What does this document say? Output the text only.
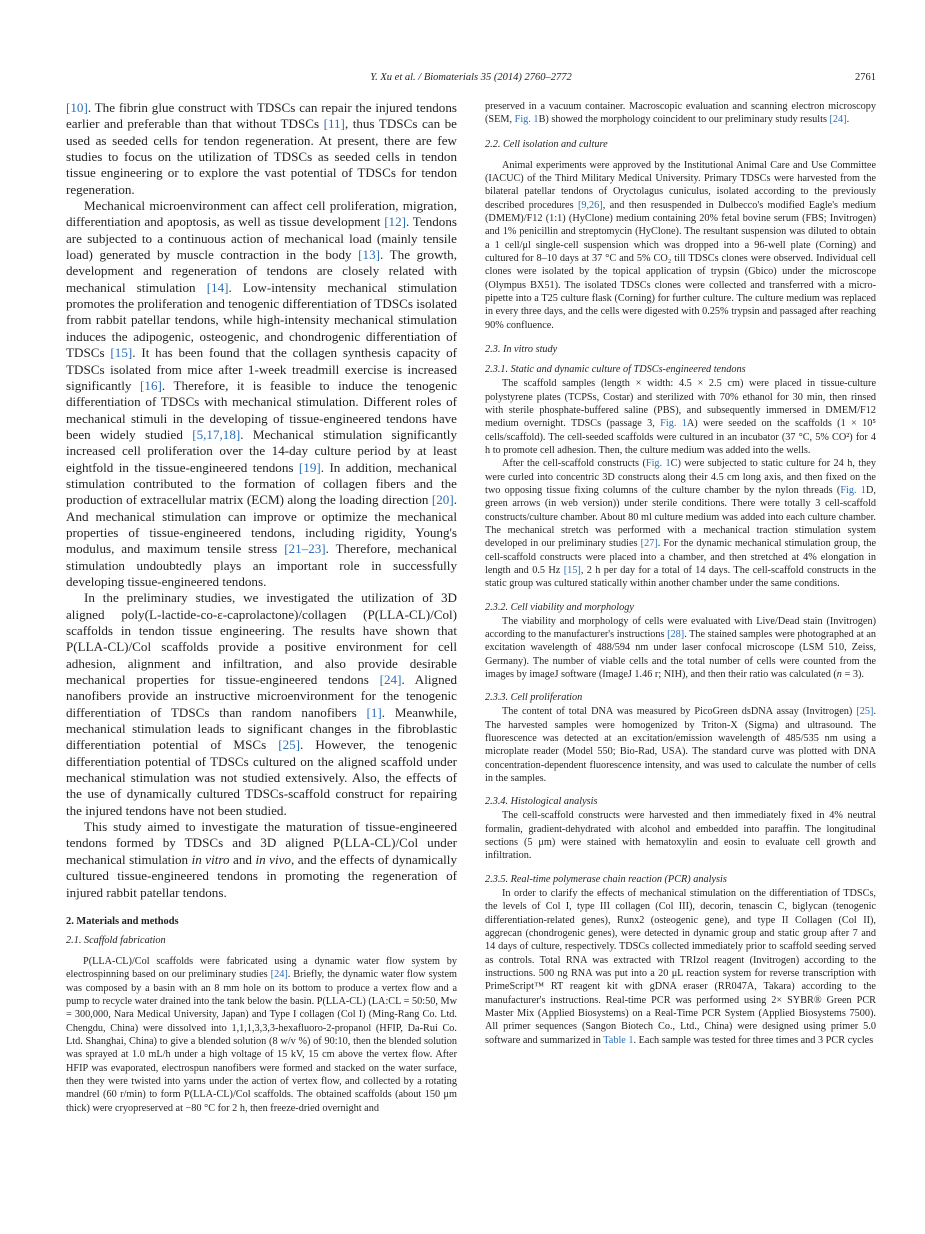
Y. Xu et al. / Biomaterials 35 (2014) 2760–2772	2761

[10]. The fibrin glue construct with TDSCs can repair the injured tendons earlier and preferable than that without TDSCs [11], thus TDSCs can be used as seeded cells for tendon regeneration. At present, there are few studies to focus on the utilization of TDSCs as seeded cells in tendon tissue engineering or to explore the vast potential of TDSCs for tendon regeneration.

Mechanical microenvironment can affect cell proliferation, migration, differentiation and apoptosis, as well as tissue development [12]. Tendons are subjected to a continuous action of mechanical load (mainly tensile load) generated by muscle contraction in the body [13]. The growth, development and regeneration of tendons are closely related with mechanical stimulation [14]. Low-intensity mechanical stimulation promotes the proliferation and tenogenic differentiation of TDSCs isolated from rabbit patellar tendons, while high-intensity mechanical stimulation induces the adipogenic, osteogenic, and chondrogenic differentiation of TDSCs [15]. It has been found that the collagen synthesis capacity of TDSCs isolated from mice after 1-week treadmill exercise is increased significantly [16]. Therefore, it is feasible to induce the tenogenic differentiation of TDSCs with mechanical stimulation. Different roles of mechanical stimuli in the developing of tissue-engineered tendons have been widely studied [5,17,18]. Mechanical stimulation significantly increased cell proliferation over the 14-day culture period by at least eightfold in the tissue-engineered tendons [19]. In addition, mechanical stimulation contributed to the formation of collagen fibers and the production of extracellular matrix (ECM) along the loading direction [20]. And mechanical stimulation can improve or optimize the mechanical properties of tissue-engineered tendons, including rigidity, Young's modulus, and maximum tensile stress [21–23]. Therefore, mechanical stimulation undoubtedly plays an important role in successfully developing tissue-engineered tendons.

In the preliminary studies, we investigated the utilization of 3D aligned poly(L-lactide-co-ε-caprolactone)/collagen (P(LLA-CL)/Col) scaffolds in tendon tissue engineering. The results have shown that P(LLA-CL)/Col scaffolds provide a positive environment for cell adhesion, alignment and infiltration, and also provide desirable mechanical properties for tissue-engineered tendons [24]. Aligned nanofibers provide an instructive microenvironment for the tenogenic differentiation of TDSCs than random nanofibers [1]. Meanwhile, mechanical stimulation leads to significant changes in the fibroblastic differentiation potential of MSCs [25]. However, the tenogenic differentiation potential of TDSCs cultured on the aligned scaffold under mechanical stimulation was not studied extensively. Also, the effects of the use of dynamically cultured TDSCs-scaffold construct for repairing the injured tendons have not been studied.

This study aimed to investigate the maturation of tissue-engineered tendons formed by TDSCs and 3D aligned P(LLA-CL)/Col under mechanical stimulation in vitro and in vivo, and the effects of dynamically cultured tissue-engineered tendons in promoting the regeneration of injured rabbit patellar tendons.

2. Materials and methods
2.1. Scaffold fabrication

P(LLA-CL)/Col scaffolds were fabricated using a dynamic water flow system by electrospinning based on our preliminary studies [24]. Briefly, the dynamic water flow system was composed by a basin with an 8 mm hole on its bottom to produce a vertex flow and a pump to recycle water drained into the tank below the basin. P(LLA-CL) (LA:CL = 50:50, Mw = 300,000, Nara Medical University, Japan) and Type I collagen (Col I) (Ming-Rang Co. Ltd. Chengdu, China) were dissolved into 1,1,1,3,3,3-hexafluoro-2-propanol (HFIP, Da-Rui Co. Ltd. Shanghai, China) to give a blended solution (8 w/v %) of 90:10, then the blended solution was sprayed at 1.0 mL/h under a high voltage of 15 kV, 15 cm above the vertex flow. After HFIP was evaporated, electrospun nanofibers were formed and stacked on the water surface, then they were twisted into yarns under the action of vertex flow, and collected by a rotating mandrel (60 r/min) to form P(LLA-CL)/Col scaffolds. The obtained scaffolds (about 150 μm thick) were cryopreserved at −80 °C for 2 h, then freeze-dried overnight and

preserved in a vacuum container. Macroscopic evaluation and scanning electron microscopy (SEM, Fig. 1B) showed the morphology coincident to our preliminary study results [24].

2.2. Cell isolation and culture

Animal experiments were approved by the Institutional Animal Care and Use Committee (IACUC) of the Third Military Medical University. Primary TDSCs were harvested from the bilateral patellar tendons of Oryctolagus cuniculus, isolated according to the previously described procedures [9,26], and then resuspended in Dulbecco's modified Eagle's medium (DMEM)/F12 (1:1) (HyClone) medium containing 20% fetal bovine serum (FBS; Invitrogen) and 1% penicillin and streptomycin (HyClone). The resultant suspension was diluted to obtain a 1 cell/μl single-cell suspension which was dropped into a 96-well plate (Corning) and cultured for 8–10 days at 37 °C and 5% CO₂ till TDSCs clones were observed. Individual cell clones were isolated by the topical application of trypsin (Gbico) under the microscope (Olympus BX51). The isolated TDSCs clones were collected and transferred with a micro-pipette into a T25 culture flask (Corning) for further culture. The culture medium was replaced in every three days, and the cells were digested with 0.25% trypsin and passaged after reaching 90% confluence.

2.3. In vitro study
2.3.1. Static and dynamic culture of TDSCs-engineered tendons

The scaffold samples (length × width: 4.5 × 2.5 cm) were placed in tissue-culture polystyrene plates (TCPSs, Costar) and sterilized with 70% ethanol for 30 min, then rinsed with sterile phosphate-buffered saline (PBS), and subsequently immersed in DMEM/F12 medium overnight. TDSCs (passage 3, Fig. 1A) were seeded on the scaffolds (1 × 10⁵ cells/scaffold). The cell-seeded scaffolds were cultured in an incubator (37 °C, 5% CO²) for 4 h to promote cell adhesion. Then, the culture medium was added into the wells.

After the cell-scaffold constructs (Fig. 1C) were subjected to static culture for 24 h, they were curled into concentric 3D constructs along their 4.5 cm long axis, and then fixed on the two opposing tissue fixing columns of the culture chamber by the nylon threads (Fig. 1D, green arrows (in web version)) under sterile conditions. There were totally 3 cell-scaffold constructs/culture chamber. About 80 ml culture medium was added into each culture chamber. The mechanical stretch was performed with a mechanical traction stimulation system developed in our preliminary studies [27]. For the dynamic mechanical stimulation group, the cell-scaffold constructs were placed into a chamber, and then stretched at 4% elongation in length and 0.5 Hz [15], 2 h per day for a total of 14 days. The cell-scaffold constructs in the static group was cultured statically within another chamber under the same conditions.

2.3.2. Cell viability and morphology

The viability and morphology of cells were evaluated with Live/Dead stain (Invitrogen) according to the manufacturer's instructions [28]. The stained samples were photographed at an excitation wavelength of 488/594 nm under laser confocal microscope (LSM 510, Zeiss, Germany). The number of viable cells and the total number of cells were counted from the images by imageJ software (ImageJ 1.46 r; NIH), and then their ratio was calculated (n = 3).

2.3.3. Cell proliferation

The content of total DNA was measured by PicoGreen dsDNA assay (Invitrogen) [25]. The harvested samples were homogenized by Triton-X (Sigma) and ultrasound. The fluorescence was detected at an excitation/emission wavelength of 485/535 nm using a microplate reader (Model 550; Bio-Rad, USA). The standard curve was plotted with DNA concentration-dependent fluorescence intensity, and was used to calculate the number of cells in the samples.

2.3.4. Histological analysis

The cell-scaffold constructs were harvested and then immediately fixed in 4% neutral formalin, gradient-dehydrated with alcohol and embedded into paraffin. The longitudinal sections (5 μm) were stained with hematoxylin and eosin to evaluate cell growth and infiltration.

2.3.5. Real-time polymerase chain reaction (PCR) analysis

In order to clarify the effects of mechanical stimulation on the differentiation of TDSCs, the levels of Col I, type III collagen (Col III), decorin, tenascin C, biglycan (tenogenic differentiation-related genes), Runx2 (osteogenic gene), and type II Collagen (Col II), aggrecan (chondrogenic genes), were detected in dynamic group and static group after 7 and 14 days of culture, respectively. TDSCs collected immediately prior to scaffold seeding served as controls. Total RNA was extracted with TRIzol reagent (Invitrogen) according to the instructions. 500 ng RNA was put into a 20 μL reaction system for reverse transcription with PrimeScript™ RT reagent kit with gDNA eraser (RR047A, Takara) according to the manufacturer's instructions. Real-time PCR was performed using 2× SYBR® Green PCR Master Mix (Applied Biosystems) on a Real-Time PCR System (Applied Biosystems 7500). All primer sequences (Sangon Biotech Co., Ltd., China) were designed using primer 5.0 software and summarized in Table 1. Each sample was tested for three times and 3 PCR cycles
